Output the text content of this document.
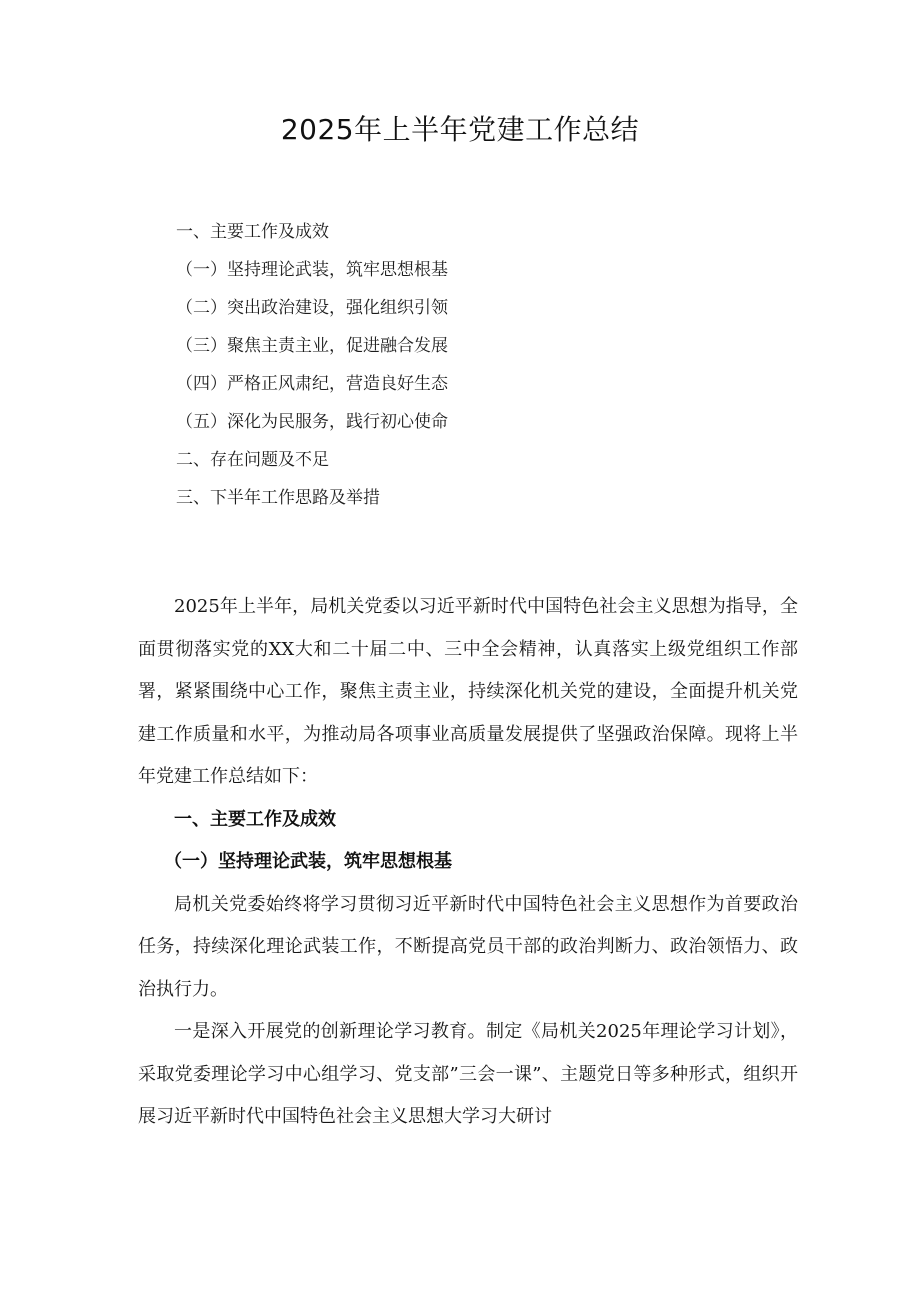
2025年上半年党建工作总结
一、主要工作及成效
（一）坚持理论武装，筑牢思想根基
（二）突出政治建设，强化组织引领
（三）聚焦主责主业，促进融合发展
（四）严格正风肃纪，营造良好生态
（五）深化为民服务，践行初心使命
二、存在问题及不足
三、下半年工作思路及举措

2025年上半年，局机关党委以习近平新时代中国特色社会主义思想为指导，全面贯彻落实党的XX大和二十届二中、三中全会精神，认真落实上级党组织工作部署，紧紧围绕中心工作，聚焦主责主业，持续深化机关党的建设，全面提升机关党建工作质量和水平，为推动局各项事业高质量发展提供了坚强政治保障。现将上半年党建工作总结如下：

一、主要工作及成效

（一）坚持理论武装，筑牢思想根基

局机关党委始终将学习贯彻习近平新时代中国特色社会主义思想作为首要政治任务，持续深化理论武装工作，不断提高党员干部的政治判断力、政治领悟力、政治执行力。

一是深入开展党的创新理论学习教育。制定《局机关2025年理论学习计划》，采取党委理论学习中心组学习、党支部”三会一课”、主题党日等多种形式，组织开展习近平新时代中国特色社会主义思想大学习大研讨
